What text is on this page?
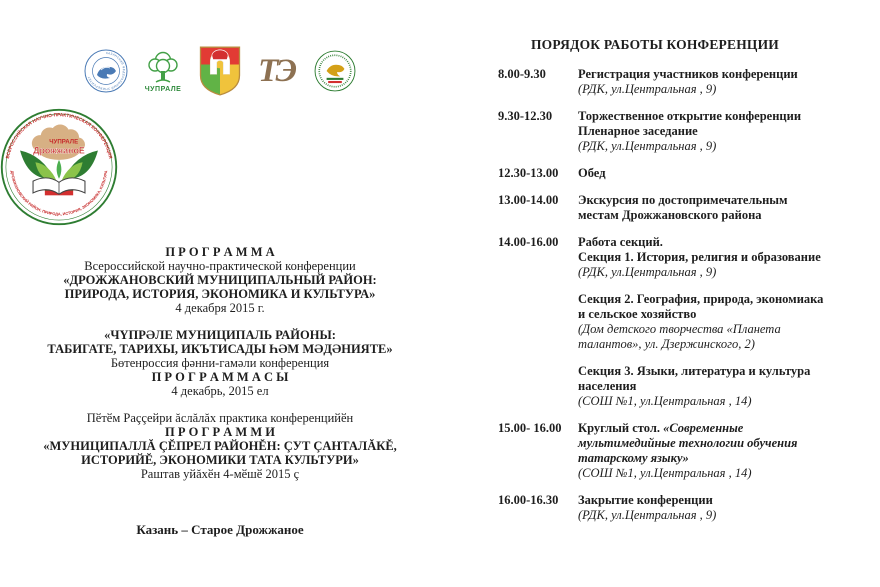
КАЗАНСКИЙ ФЕДЕРАЛЬНЫЙ УНИВЕРСИТЕТ
ЧУПРАЛЕ
ТЭ
ВСЕРОССИЙСКАЯ НАУЧНО-ПРАКТИЧЕСКАЯ КОНФЕРЕНЦИЯ
ДРОЖЖАНОВСКИЙ РАЙОН: ПРИРОДА, ИСТОРИЯ, ЭКОНОМИКА, КУЛЬТУРА
ЧУПРАЛЕ
ДрожжаноЕ
П Р О Г Р А М М А
Всероссийской научно-практической конференции
«ДРОЖЖАНОВСКИЙ МУНИЦИПАЛЬНЫЙ РАЙОН:
ПРИРОДА, ИСТОРИЯ, ЭКОНОМИКА И КУЛЬТУРА»
4 декабря 2015 г.
«ЧҮПРӘЛЕ МУНИЦИПАЛЬ РАЙОНЫ:
ТАБИГАТЕ, ТАРИХЫ, ИКЪТИСАДЫ ҺӘМ МӘДӘНИЯТЕ»
Бөтенроссия фәнни-гамәли конференция
П Р О Г Р А М М А С Ы
4 декабрь, 2015 ел
Пӗтӗм Раççейри ăслăлăх практика конференцийӗн
П Р О Г Р А М М И
«МУНИЦИПАЛЛĂ ÇĔПРЕЛ РАЙОНĔН: ÇУТ ÇАНТАЛĂКĔ,
ИСТОРИЙĔ, ЭКОНОМИКИ ТАТА КУЛЬТУРИ»
Раштав уйăхӗн 4-мӗшӗ 2015 ç
Казань – Старое Дрожжаное
ПОРЯДОК РАБОТЫ КОНФЕРЕНЦИИ
8.00-9.30	Регистрация участников конференции
(РДК, ул.Центральная , 9)
9.30-12.30	Торжественное открытие конференции
Пленарное заседание
(РДК, ул.Центральная , 9)
12.30-13.00	Обед
13.00-14.00	Экскурсия по достопримечательным
местам Дрожжановского района
14.00-16.00	Работа секций.
Секция 1. История, религия и образование
(РДК, ул.Центральная , 9)
Секция 2. География, природа, экономиака
и сельское хозяйство
(Дом детского творчества «Планета
талантов», ул. Дзержинского, 2)
Секция 3. Языки, литература и культура
населения
(СОШ №1, ул.Центральная , 14)
15.00- 16.00	Круглый стол. «Современные
мультимедийные технологии обучения
татарскому языку»
(СОШ №1, ул.Центральная , 14)
16.00-16.30	Закрытие конференции
(РДК, ул.Центральная , 9)
